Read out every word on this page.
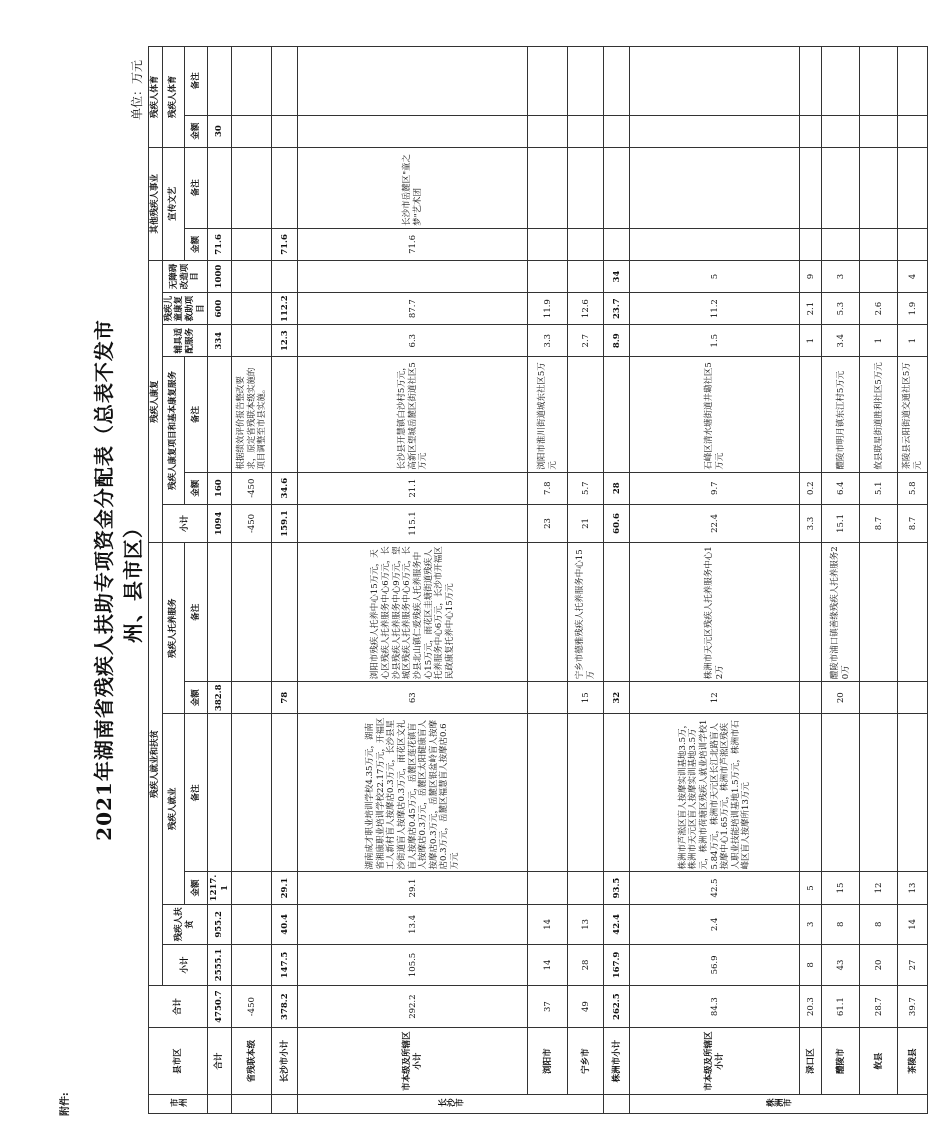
附件:
2021年湖南省残疾人扶助专项资金分配表（总表不发市州、县市区）
单位：万元
市州	县市区	合计	残疾人就业和扶贫						残疾人康复						其他残疾人事业		残疾人体育	
			小计	残疾人扶贫	残疾人就业		残疾人托养服务		小计	残疾人康复项目和基本康复服务		辅具适配服务	残疾儿童康复救助项目	无障碍改造项目	宣传文艺		残疾人体育	

					金额	备注	金额	备注		金额	备注				金额	备注	金额	备注
	合计	4750.7	2555.1	955.2	1217.1		382.8		1094	160		334	600	1000	71.6		30	
	省残联本级	-450							-450	-450	根据绩效评价报告整改要求，原定省残联本级实施的项目调整至市县实施。							
	长沙市小计	378.2	147.5	40.4	29.1		78		159.1	34.6		12.3	112.2		71.6			
长沙市	市本级及所辖区小计	292.2	105.5	13.4	29.1	湖南成才职业培训学校4.35万元，湖南省湘康职业培训学校22.17万元，开福区工人新村盲人按摩店0.3万元，长沙县星沙街道盲人按摩店0.3万元，雨花区文礼盲人按摩店0.45万元，岳麓区莲花镇盲人按摩店0.3万元，岳麓区太阳健康盲人按摩店0.3万元，岳麓区银盆岭盲人按摩店0.3万元，岳麓区福慧盲人按摩店0.6万元	63	浏阳市残疾人托养中心15万元，天心区残疾人托养服务中心6万元，长沙县残疾人托养服务中心9万元，望城区残疾人托养服务中心6万元，长沙县北山镇仁爱残疾人托养服务中心15万元，雨花区圭塘街道残疾人托养服务中心6万元，长沙市开福区民政康复托养中心15万元	115.1	21.1	长沙县开慧镇白沙村5万元，高新区望城岳麓区街道社区5万元	6.3	87.7		71.6	长沙市岳麓区"童之梦"艺术团		
	浏阳市	37	14	14					23	7.8	浏阳市淮川街道城东社区5万元	3.3	11.9					
	宁乡市	49	28	13			15	宁乡市德雅残疾人托养服务中心15万	21	5.7		2.7	12.6					
	株洲市小计	262.5	167.9	42.4	93.5		32		60.6	28		8.9	23.7	34				
株洲市	市本级及所辖区小计	84.3	56.9	2.4	42.5	株洲市芦淞区盲人按摩实训基地3.5万，株洲市天元区盲人按摩实训基地3.5万元，株洲市荷塘区残疾人就业培训学校15.84万元，株洲市天元区长江北路盲人按摩中心1.65万元，株洲市芦淞区残疾人职业技能培训基地1.5万元，株洲市石峰区盲人按摩所13万元	12	株洲市天元区残疾人托养服务中心12万	22.4	9.7	石峰区清水塘街道井墈社区5万元	1.5	11.2	5				
	渌口区	20.3	8	3	5				3.3	0.2		1	2.1	9				
	醴陵市	61.1	43	8	15		20	醴陵市浦口镇善缘残疾人托养服务20万	15.1	6.4	醴陵市明月镇东江村5万元	3.4	5.3	3				
	攸县	28.7	20	8	12				8.7	5.1	攸县联星街道胜利社区5万元	1	2.6					
	茶陵县	39.7	27	14	13				8.7	5.8	茶陵县云阳街道交通社区5万元	1	1.9	4				
